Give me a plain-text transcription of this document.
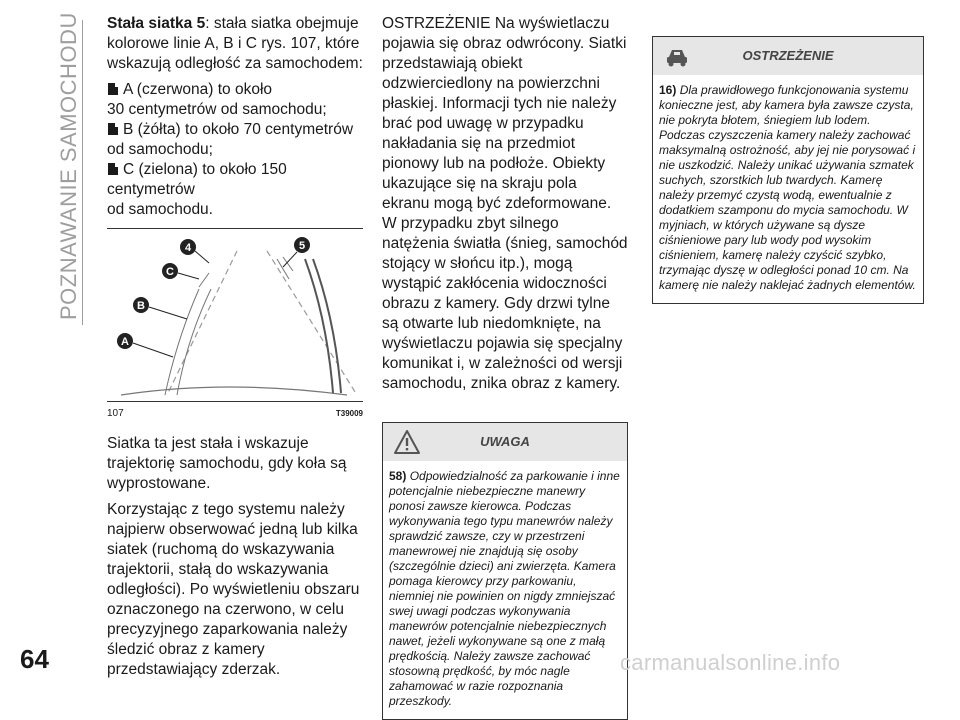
POZNAWANIE SAMOCHODU Stała siatka 5: stała siatka obejmuje kolorowe linie A, B i C rys. 107, które wskazują odległość za samochodem:

A (czerwona) to około
30 centymetrów od samochodu;
B (żółta) to około 70 centymetrów
od samochodu;
C (zielona) to około 150 centymetrów
od samochodu.
4	5
C
B
A
107	T39009

Siatka ta jest stała i wskazuje trajektorię samochodu, gdy koła są wyprostowane.

Korzystając z tego systemu należy najpierw obserwować jedną lub kilka siatek (ruchomą do wskazywania trajektorii, stałą do wskazywania odległości). Po wyświetleniu obszaru oznaczonego na czerwono, w celu precyzyjnego zaparkowania należy śledzić obraz z kamery przedstawiający zderzak.

OSTRZEŻENIE Na wyświetlaczu pojawia się obraz odwrócony. Siatki przedstawiają obiekt odzwierciedlony na powierzchni płaskiej. Informacji tych nie należy brać pod uwagę w przypadku nakładania się na przedmiot pionowy lub na podłoże. Obiekty ukazujące się na skraju pola ekranu mogą być zdeformowane. W przypadku zbyt silnego natężenia światła (śnieg, samochód stojący w słońcu itp.), mogą wystąpić zakłócenia widoczności obrazu z kamery. Gdy drzwi tylne są otwarte lub niedomknięte, na wyświetlaczu pojawia się specjalny komunikat i, w zależności od wersji samochodu, znika obraz z kamery.

UWAGA
58) Odpowiedzialność za parkowanie i inne potencjalnie niebezpieczne manewry ponosi zawsze kierowca. Podczas wykonywania tego typu manewrów należy sprawdzić zawsze, czy w przestrzeni manewrowej nie znajdują się osoby (szczególnie dzieci) ani zwierzęta. Kamera pomaga kierowcy przy parkowaniu, niemniej nie powinien on nigdy zmniejszać swej uwagi podczas wykonywania manewrów potencjalnie niebezpiecznych nawet, jeżeli wykonywane są one z małą prędkością. Należy zawsze zachować stosowną prędkość, by móc nagle zahamować w razie rozpoznania przeszkody.
OSTRZEŻENIE
16) Dla prawidłowego funkcjonowania systemu konieczne jest, aby kamera była zawsze czysta, nie pokryta błotem, śniegiem lub lodem. Podczas czyszczenia kamery należy zachować maksymalną ostrożność, aby jej nie porysować i nie uszkodzić. Należy unikać używania szmatek suchych, szorstkich lub twardych. Kamerę należy przemyć czystą wodą, ewentualnie z dodatkiem szamponu do mycia samochodu. W myjniach, w których używane są dysze ciśnieniowe pary lub wody pod wysokim ciśnieniem, kamerę należy czyścić szybko, trzymając dyszę w odległości ponad 10 cm. Na kamerę nie należy naklejać żadnych elementów.
64	carmanualsonline.info
